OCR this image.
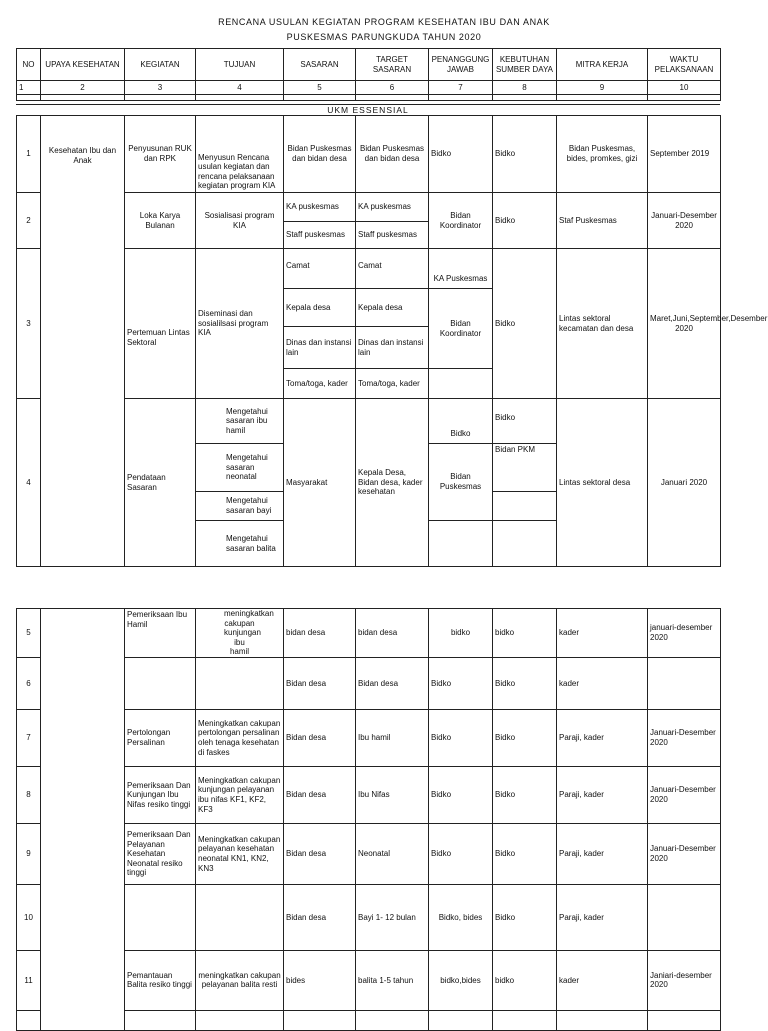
RENCANA USULAN KEGIATAN PROGRAM KESEHATAN IBU DAN ANAK
PUSKESMAS PARUNGKUDA TAHUN 2020
NO	UPAYA KESEHATAN	KEGIATAN	TUJUAN	SASARAN	TARGET SASARAN	PENANGGUNG JAWAB	KEBUTUHAN SUMBER DAYA	MITRA KERJA	WAKTU PELAKSANAAN
1	2	3	4	5	6	7	8	9	10

UKM ESSENSIAL
1	Kesehatan Ibu dan Anak	Penyusunan RUK dan RPK	Menyusun Rencana usulan kegiatan dan rencana pelaksanaan kegiatan program KIA	Bidan Puskesmas dan bidan desa	Bidan Puskesmas dan bidan desa	Bidko	Bidko	Bidan Puskesmas, bides, promkes, gizi	September 2019
2		Loka Karya Bulanan	Sosialisasi program KIA	KA puskesmas	KA puskesmas	Bidan Koordinator	Bidko	Staf Puskesmas	Januari-Desember 2020
				Staff puskesmas	Staff puskesmas				
3		Pertemuan Lintas Sektoral	Diseminasi dan sosialilsasi program KIA	Camat	Camat	KA Puskesmas	Bidko	Lintas sektoral kecamatan dan desa	Maret,Juni,September,Desember 2020
				Kepala desa	Kepala desa	Bidan Koordinator			
				Dinas dan instansi lain	Dinas dan instansi lain				
				Toma/toga, kader	Toma/toga, kader				
4		Pendataan Sasaran	Mengetahui sasaran ibu hamil	Masyarakat	Kepala Desa, Bidan desa, kader kesehatan	Bidko	Bidko	Lintas sektoral desa	Januari 2020
			Mengetahui sasaran neonatal			Bidan Puskesmas	Bidan PKM		
			Mengetahui sasaran bayi						
			Mengetahui sasaran balita						
5		Pemeriksaan Ibu Hamil	meningkatkan cakupan kunjungan ibu hamil	bidan desa	bidan desa	bidko	bidko	kader	januari-desember 2020
6				Bidan desa	Bidan desa	Bidko	Bidko	kader	
7		Pertolongan Persalinan	Meningkatkan cakupan pertolongan persalinan oleh tenaga kesehatan di faskes	Bidan desa	Ibu hamil	Bidko	Bidko	Paraji, kader	Januari-Desember 2020
8		Pemeriksaan Dan Kunjungan Ibu Nifas resiko tinggi	Meningkatkan cakupan kunjungan pelayanan ibu nifas KF1, KF2, KF3	Bidan desa	Ibu Nifas	Bidko	Bidko	Paraji, kader	Januari-Desember 2020
9		Pemeriksaan Dan Pelayanan Kesehatan Neonatal resiko tinggi	Meningkatkan cakupan pelayanan kesehatan neonatal KN1, KN2, KN3	Bidan desa	Neonatal	Bidko	Bidko	Paraji, kader	Januari-Desember 2020
10				Bidan desa	Bayi 1- 12 bulan	Bidko, bides	Bidko	Paraji, kader	
11		Pemantauan Balita resiko tinggi	meningkatkan cakupan pelayanan balita resti	bides	balita 1-5 tahun	bidko,bides	bidko	kader	Janiari-desember 2020
